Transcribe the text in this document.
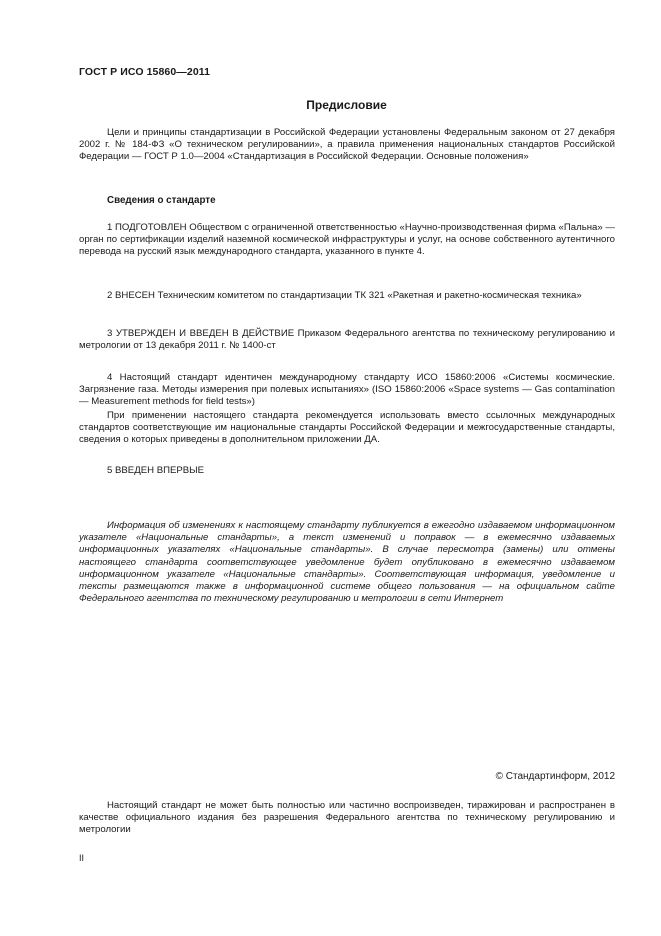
ГОСТ Р ИСО 15860—2011
Предисловие
Цели и принципы стандартизации в Российской Федерации установлены Федеральным законом от 27 декабря 2002 г. № 184-ФЗ «О техническом регулировании», а правила применения национальных стандартов Российской Федерации — ГОСТ Р 1.0—2004 «Стандартизация в Российской Федерации. Основные положения»
Сведения о стандарте
1 ПОДГОТОВЛЕН Обществом с ограниченной ответственностью «Научно-производственная фирма «Пальна» — орган по сертификации изделий наземной космической инфраструктуры и услуг, на основе собственного аутентичного перевода на русский язык международного стандарта, указанного в пункте 4.
2 ВНЕСЕН Техническим комитетом по стандартизации ТК 321 «Ракетная и ракетно-космическая техника»
3 УТВЕРЖДЕН И ВВЕДЕН В ДЕЙСТВИЕ Приказом Федерального агентства по техническому регулированию и метрологии от 13 декабря 2011 г. № 1400-ст
4 Настоящий стандарт идентичен международному стандарту ИСО 15860:2006 «Системы космические. Загрязнение газа. Методы измерения при полевых испытаниях» (ISO 15860:2006 «Space systems — Gas contamination — Measurement methods for field tests»)
При применении настоящего стандарта рекомендуется использовать вместо ссылочных международных стандартов соответствующие им национальные стандарты Российской Федерации и межгосударственные стандарты, сведения о которых приведены в дополнительном приложении ДА.
5 ВВЕДЕН ВПЕРВЫЕ
Информация об изменениях к настоящему стандарту публикуется в ежегодно издаваемом информационном указателе «Национальные стандарты», а текст изменений и поправок — в ежемесячно издаваемых информационных указателях «Национальные стандарты». В случае пересмотра (замены) или отмены настоящего стандарта соответствующее уведомление будет опубликовано в ежемесячно издаваемом информационном указателе «Национальные стандарты». Соответствующая информация, уведомление и тексты размещаются также в информационной системе общего пользования — на официальном сайте Федерального агентства по техническому регулированию и метрологии в сети Интернет
© Стандартинформ, 2012
Настоящий стандарт не может быть полностью или частично воспроизведен, тиражирован и распространен в качестве официального издания без разрешения Федерального агентства по техническому регулированию и метрологии
II
